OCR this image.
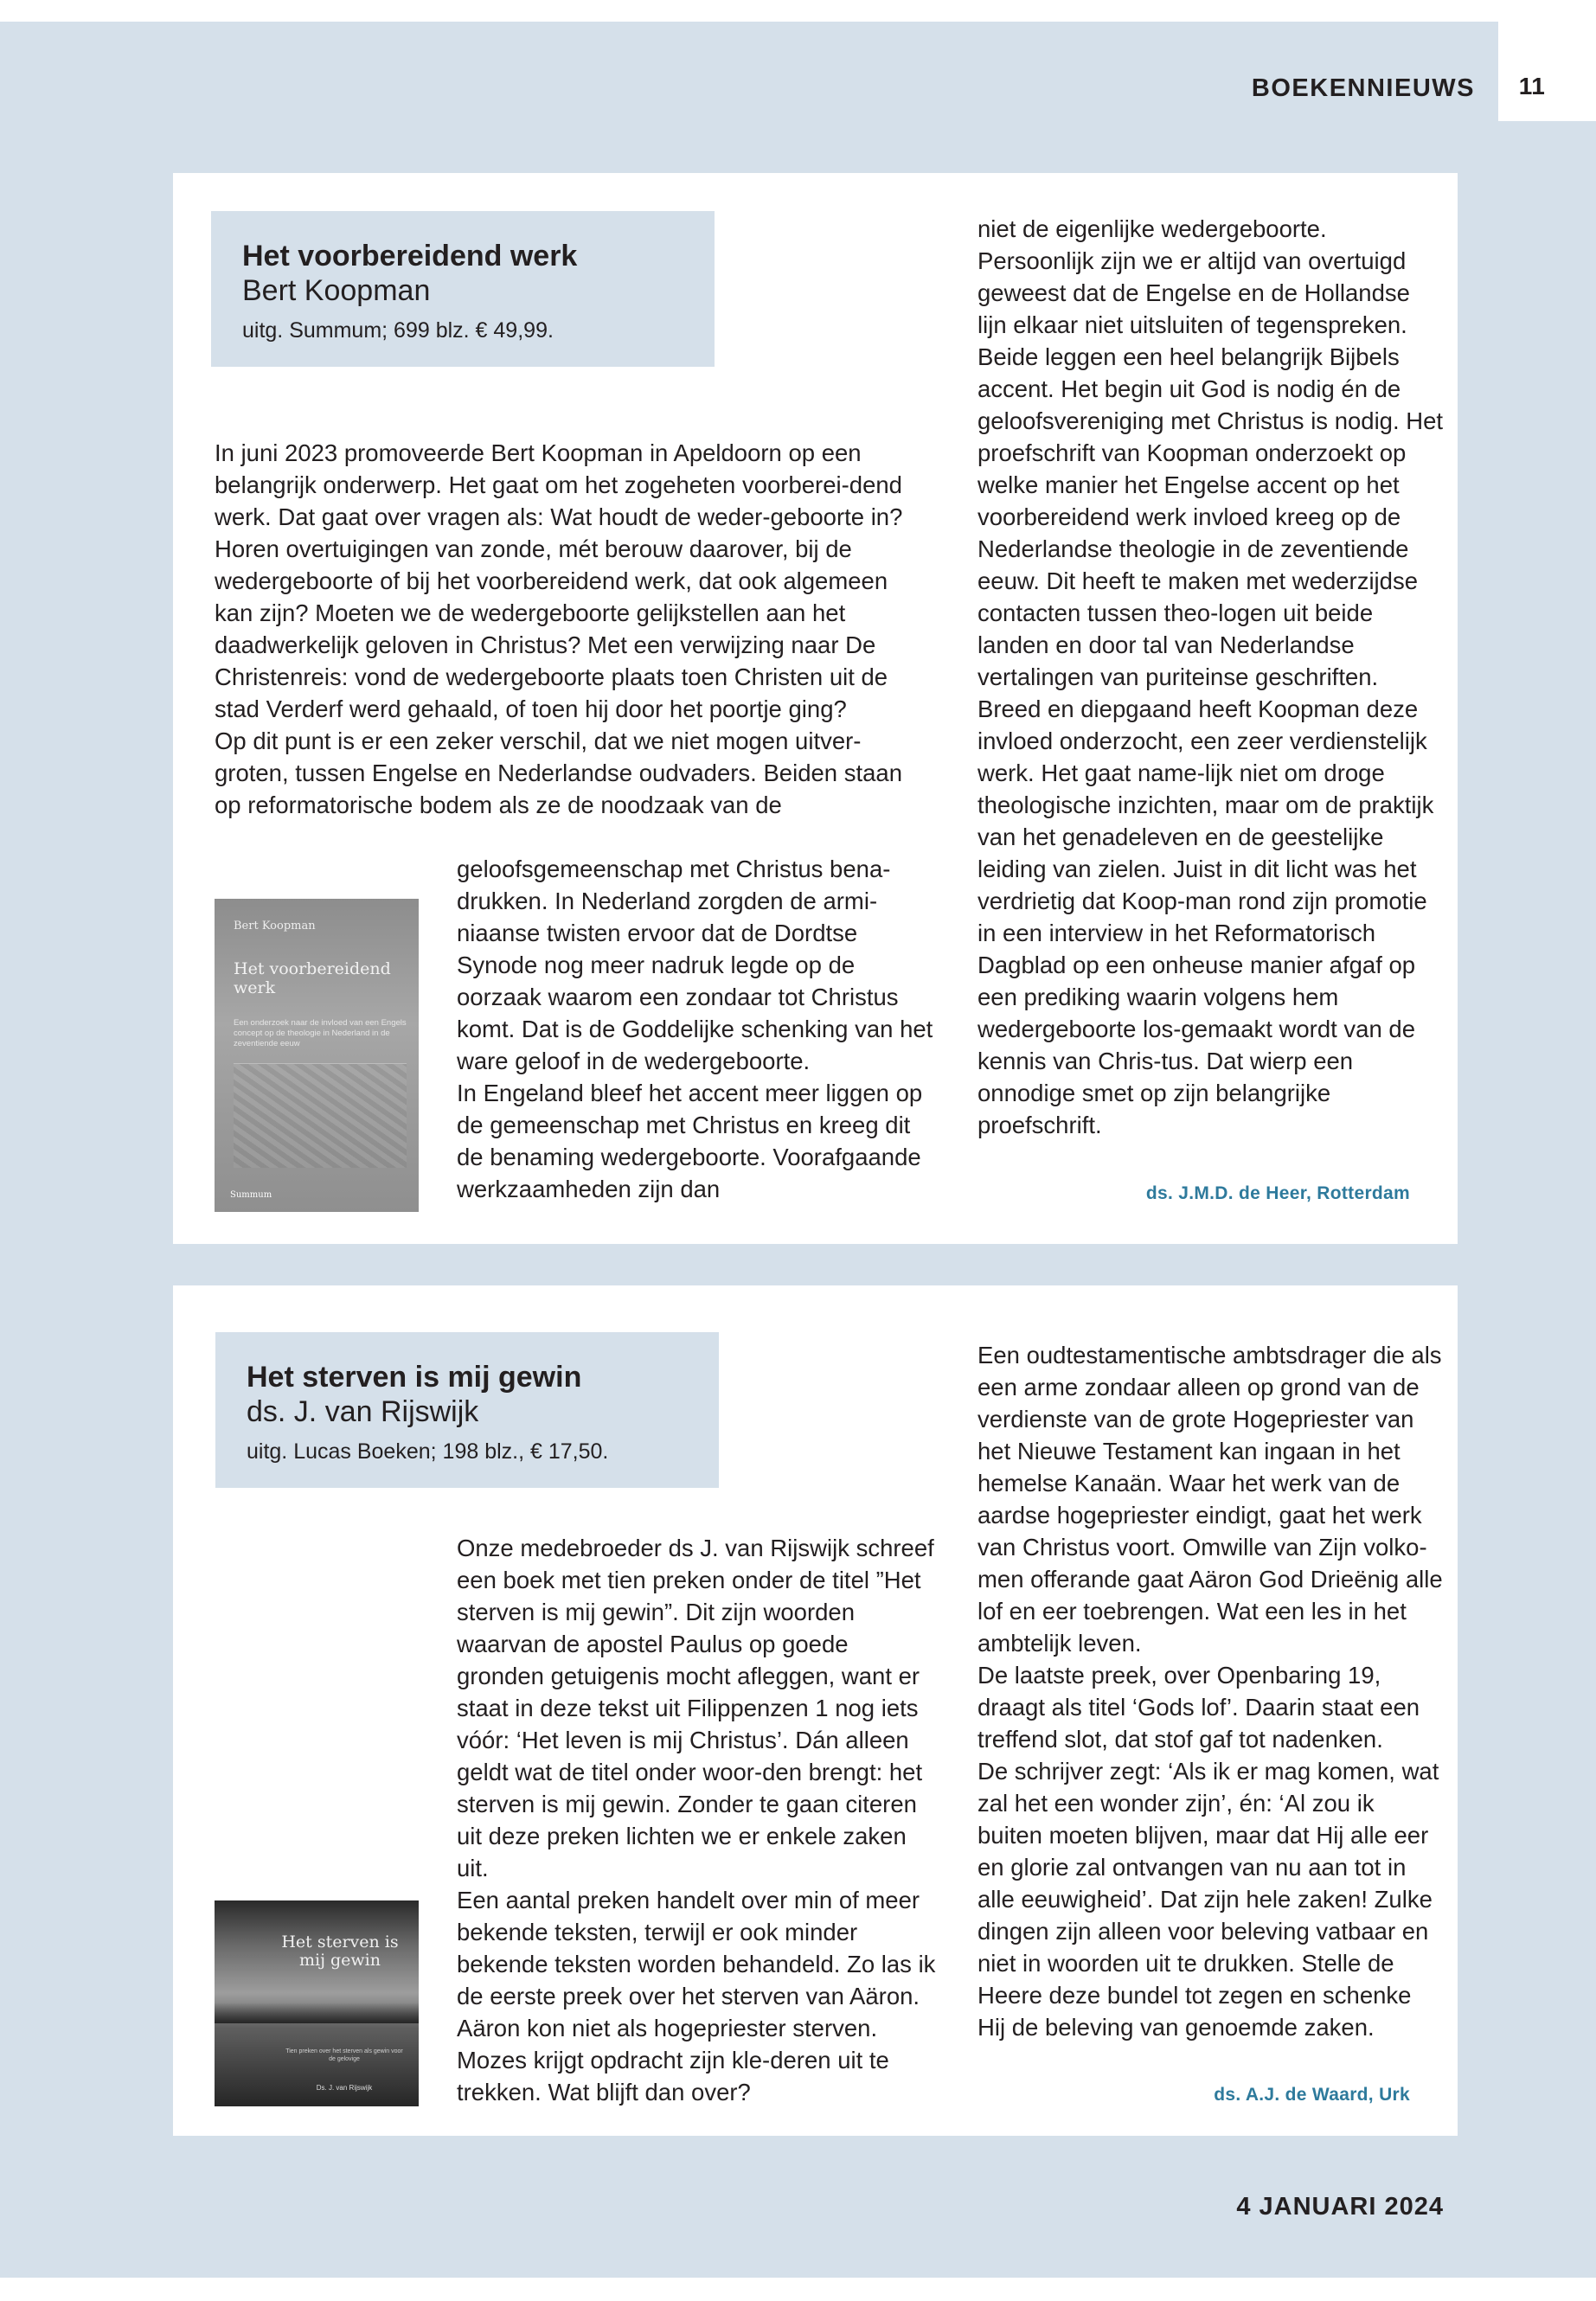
11
BOEKENNIEUWS
Het voorbereidend werk
Bert Koopman
uitg. Summum; 699 blz. € 49,99.

In juni 2023 promoveerde Bert Koopman in Apeldoorn op een belangrijk onderwerp. Het gaat om het zogeheten voorberei-dend werk. Dat gaat over vragen als: Wat houdt de weder-geboorte in? Horen overtuigingen van zonde, mét berouw daarover, bij de wedergeboorte of bij het voorbereidend werk, dat ook algemeen kan zijn? Moeten we de wedergeboorte gelijkstellen aan het daadwerkelijk geloven in Christus? Met een verwijzing naar De Christenreis: vond de wedergeboorte plaats toen Christen uit de stad Verderf werd gehaald, of toen hij door het poortje ging?
Op dit punt is er een zeker verschil, dat we niet mogen uitver-groten, tussen Engelse en Nederlandse oudvaders. Beiden staan op reformatorische bodem als ze de noodzaak van de

Bert Koopman
Het voorbereidend werk
Een onderzoek naar de invloed van een Engels concept op de theologie in Nederland in de zeventiende eeuw
Summum

geloofsgemeenschap met Christus bena-drukken. In Nederland zorgden de armi-niaanse twisten ervoor dat de Dordtse Synode nog meer nadruk legde op de oorzaak waarom een zondaar tot Christus komt. Dat is de Goddelijke schenking van het ware geloof in de wedergeboorte.
In Engeland bleef het accent meer liggen op de gemeenschap met Christus en kreeg dit de benaming wedergeboorte. Voorafgaande werkzaamheden zijn dan

niet de eigenlijke wedergeboorte. Persoonlijk zijn we er altijd van overtuigd geweest dat de Engelse en de Hollandse lijn elkaar niet uitsluiten of tegenspreken. Beide leggen een heel belangrijk Bijbels accent. Het begin uit God is nodig én de geloofsvereniging met Christus is nodig. Het proefschrift van Koopman onderzoekt op welke manier het Engelse accent op het voorbereidend werk invloed kreeg op de Nederlandse theologie in de zeventiende eeuw. Dit heeft te maken met wederzijdse contacten tussen theo-logen uit beide landen en door tal van Nederlandse vertalingen van puriteinse geschriften. Breed en diepgaand heeft Koopman deze invloed onderzocht, een zeer verdienstelijk werk. Het gaat name-lijk niet om droge theologische inzichten, maar om de praktijk van het genadeleven en de geestelijke leiding van zielen. Juist in dit licht was het verdrietig dat Koop-man rond zijn promotie in een interview in het Reformatorisch Dagblad op een onheuse manier afgaf op een prediking waarin volgens hem wedergeboorte los-gemaakt wordt van de kennis van Chris-tus. Dat wierp een onnodige smet op zijn belangrijke proefschrift.

ds. J.M.D. de Heer, Rotterdam
Het sterven is mij gewin
ds. J. van Rijswijk
uitg. Lucas Boeken; 198 blz., € 17,50.
Het sterven is mij gewin
Tien preken over het sterven als gewin voor de gelovige
Ds. J. van Rijswijk

Onze medebroeder ds J. van Rijswijk schreef een boek met tien preken onder de titel ”Het sterven is mij gewin”. Dit zijn woorden waarvan de apostel Paulus op goede gronden getuigenis mocht afleggen, want er staat in deze tekst uit Filippenzen 1 nog iets vóór: ‘Het leven is mij Christus’. Dán alleen geldt wat de titel onder woor-den brengt: het sterven is mij gewin. Zonder te gaan citeren uit deze preken lichten we er enkele zaken uit.
Een aantal preken handelt over min of meer bekende teksten, terwijl er ook minder bekende teksten worden behandeld. Zo las ik de eerste preek over het sterven van Aäron. Aäron kon niet als hogepriester sterven. Mozes krijgt opdracht zijn kle-deren uit te trekken. Wat blijft dan over?

Een oudtestamentische ambtsdrager die als een arme zondaar alleen op grond van de verdienste van de grote Hogepriester van het Nieuwe Testament kan ingaan in het hemelse Kanaän. Waar het werk van de aardse hogepriester eindigt, gaat het werk van Christus voort. Omwille van Zijn volko-men offerande gaat Aäron God Drieënig alle lof en eer toebrengen. Wat een les in het ambtelijk leven.
De laatste preek, over Openbaring 19, draagt als titel ‘Gods lof’. Daarin staat een treffend slot, dat stof gaf tot nadenken.
De schrijver zegt: ‘Als ik er mag komen, wat zal het een wonder zijn’, én: ‘Al zou ik buiten moeten blijven, maar dat Hij alle eer en glorie zal ontvangen van nu aan tot in alle eeuwigheid’. Dat zijn hele zaken! Zulke dingen zijn alleen voor beleving vatbaar en niet in woorden uit te drukken. Stelle de Heere deze bundel tot zegen en schenke Hij de beleving van genoemde zaken.

ds. A.J. de Waard, Urk
4 JANUARI 2024
